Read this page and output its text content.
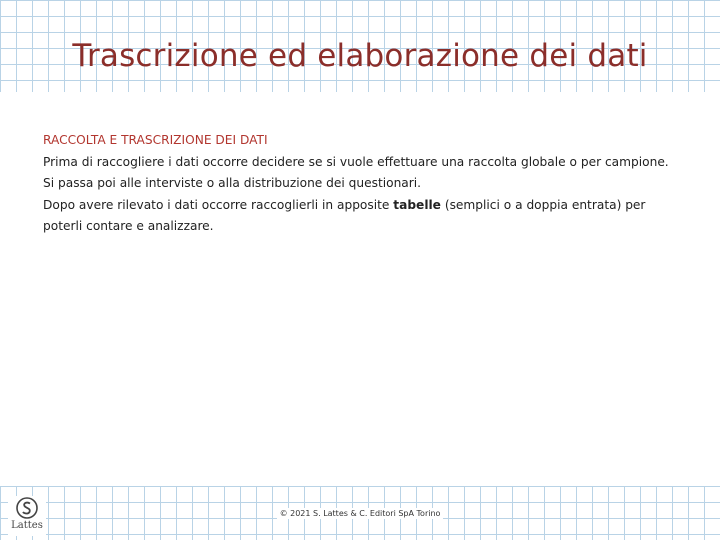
Trascrizione ed elaborazione dei dati

RACCOLTA E TRASCRIZIONE DEI DATI

Prima di raccogliere i dati occorre decidere se si vuole effettuare una raccolta globale o per campione.

Si passa poi alle interviste o alla distribuzione dei questionari.

Dopo avere rilevato i dati occorre raccoglierli in apposite tabelle (semplici o a doppia entrata) per poterli contare e analizzare.

Lattes
© 2021 S. Lattes & C. Editori SpA Torino
